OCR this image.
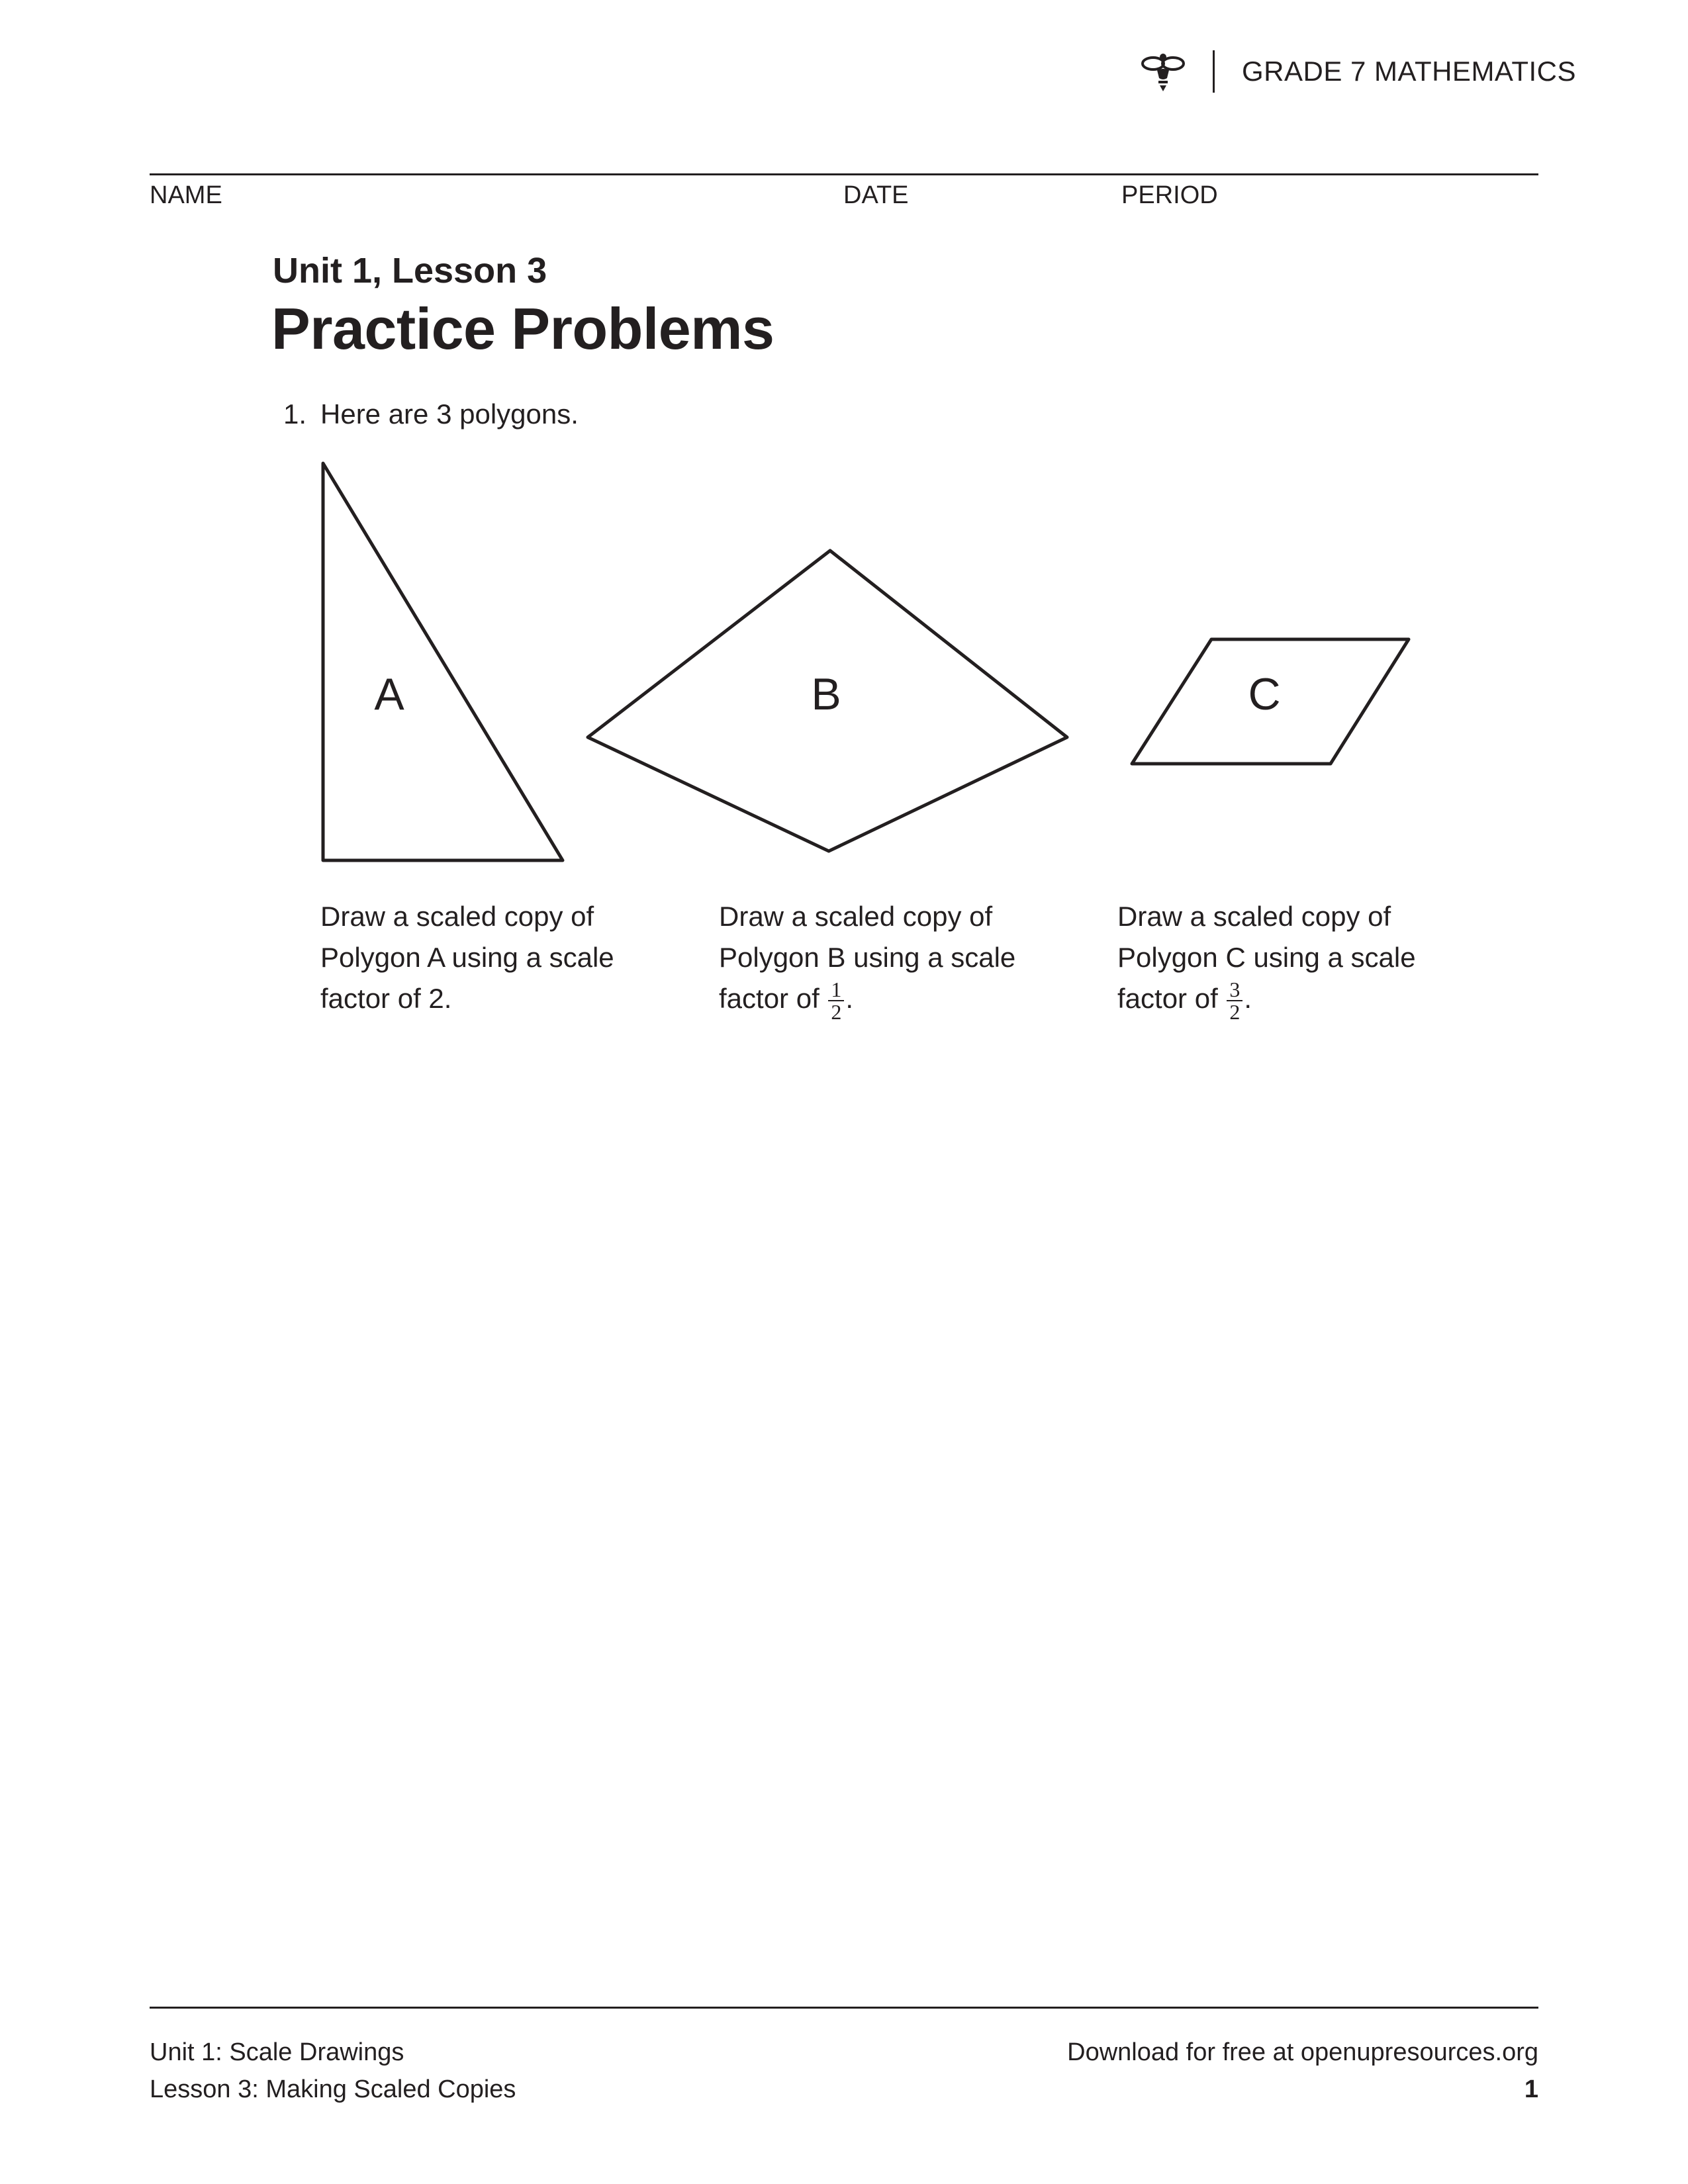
GRADE 7 MATHEMATICS
NAME	DATE	PERIOD
Unit 1, Lesson 3
Practice Problems
1. Here are 3 polygons.
A	B	C
Draw a scaled copy of Polygon A using a scale factor of 2.
Draw a scaled copy of Polygon B using a scale factor of $\frac{1}{2}$ .
Draw a scaled copy of Polygon C using a scale factor of $\frac{3}{2}$ .
Unit 1: Scale Drawings
Lesson 3: Making Scaled Copies
Download for free at openupresources.org
1
